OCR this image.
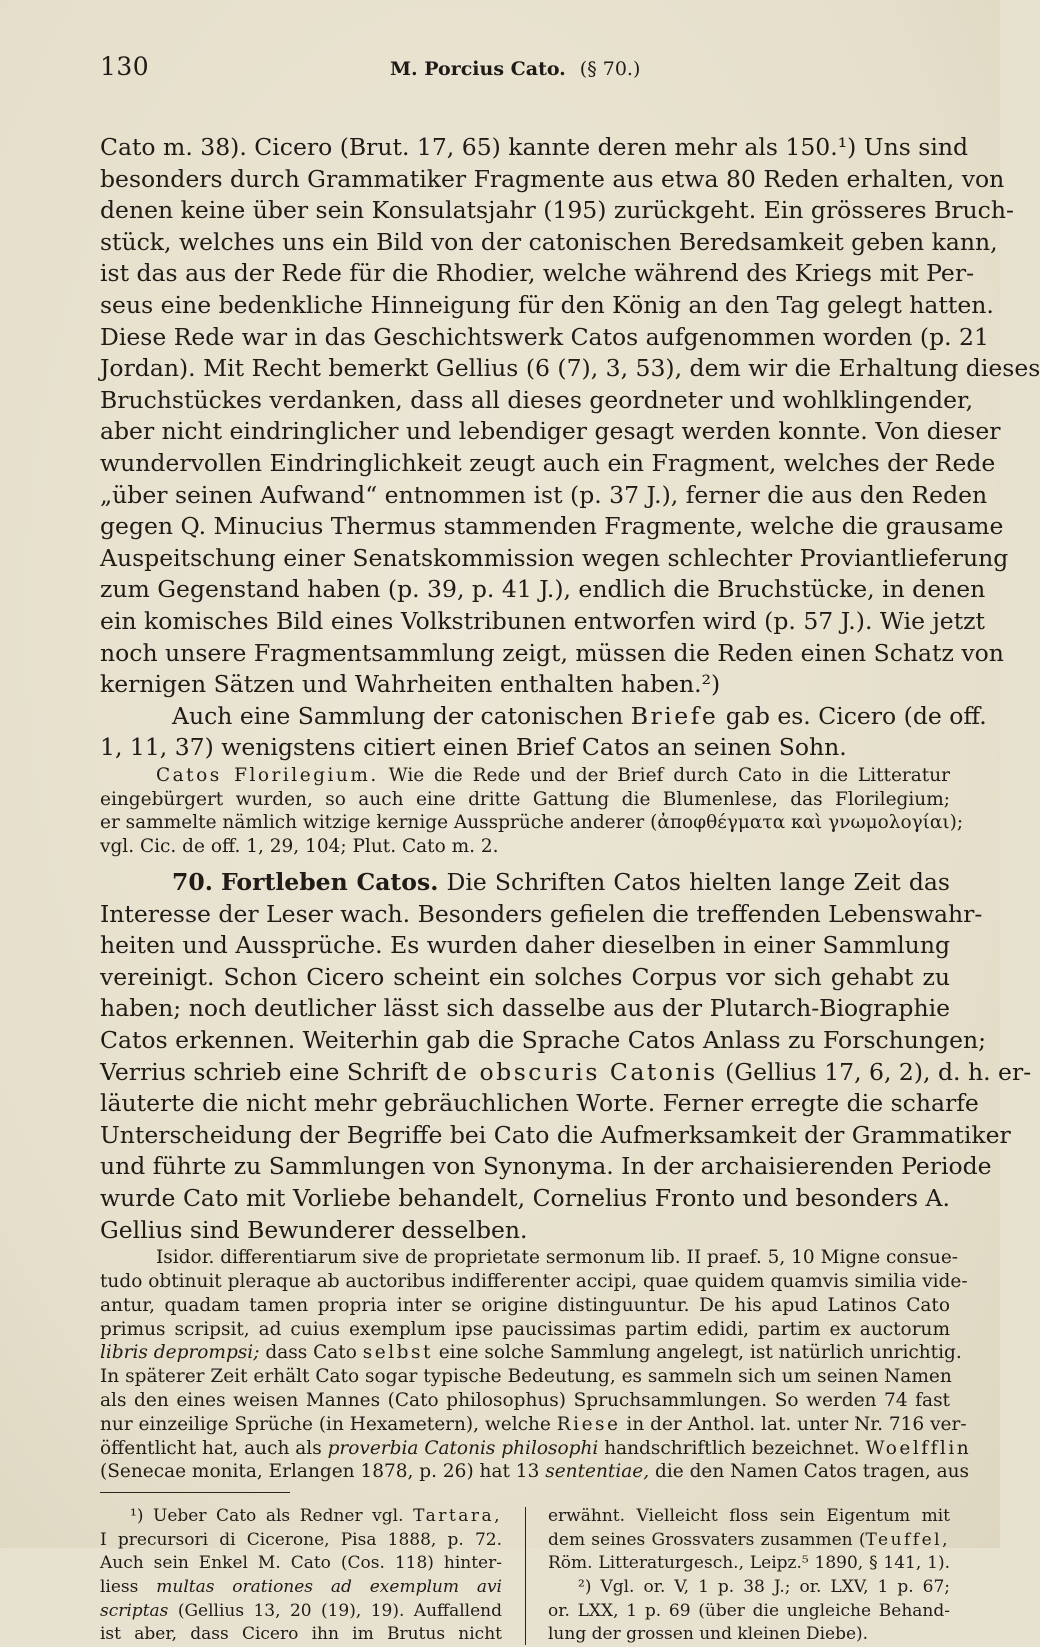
130	M. Porcius Cato. (§ 70.)

Cato m. 38). Cicero (Brut. 17, 65) kannte deren mehr als 150.¹) Uns sind

besonders durch Grammatiker Fragmente aus etwa 80 Reden erhalten, von

denen keine über sein Konsulatsjahr (195) zurückgeht. Ein grösseres Bruch-

stück, welches uns ein Bild von der catonischen Beredsamkeit geben kann,

ist das aus der Rede für die Rhodier, welche während des Kriegs mit Per-

seus eine bedenkliche Hinneigung für den König an den Tag gelegt hatten.

Diese Rede war in das Geschichtswerk Catos aufgenommen worden (p. 21

Jordan). Mit Recht bemerkt Gellius (6 (7), 3, 53), dem wir die Erhaltung dieses

Bruchstückes verdanken, dass all dieses geordneter und wohlklingender,

aber nicht eindringlicher und lebendiger gesagt werden konnte. Von dieser

wundervollen Eindringlichkeit zeugt auch ein Fragment, welches der Rede

„über seinen Aufwand“ entnommen ist (p. 37 J.), ferner die aus den Reden

gegen Q. Minucius Thermus stammenden Fragmente, welche die grausame

Auspeitschung einer Senatskommission wegen schlechter Proviantlieferung

zum Gegenstand haben (p. 39, p. 41 J.), endlich die Bruchstücke, in denen

ein komisches Bild eines Volkstribunen entworfen wird (p. 57 J.). Wie jetzt

noch unsere Fragmentsammlung zeigt, müssen die Reden einen Schatz von

kernigen Sätzen und Wahrheiten enthalten haben.²)

Auch eine Sammlung der catonischen Briefe gab es. Cicero (de off.

1, 11, 37) wenigstens citiert einen Brief Catos an seinen Sohn.

Catos Florilegium. Wie die Rede und der Brief durch Cato in die Litteratur

eingebürgert wurden, so auch eine dritte Gattung die Blumenlese, das Florilegium;

er sammelte nämlich witzige kernige Aussprüche anderer (ἀποφθέγματα καὶ γνωμολογίαι);

vgl. Cic. de off. 1, 29, 104; Plut. Cato m. 2.

70. Fortleben Catos. Die Schriften Catos hielten lange Zeit das

Interesse der Leser wach. Besonders gefielen die treffenden Lebenswahr-

heiten und Aussprüche. Es wurden daher dieselben in einer Sammlung

vereinigt. Schon Cicero scheint ein solches Corpus vor sich gehabt zu

haben; noch deutlicher lässt sich dasselbe aus der Plutarch-Biographie

Catos erkennen. Weiterhin gab die Sprache Catos Anlass zu Forschungen;

Verrius schrieb eine Schrift de obscuris Catonis (Gellius 17, 6, 2), d. h. er-

läuterte die nicht mehr gebräuchlichen Worte. Ferner erregte die scharfe

Unterscheidung der Begriffe bei Cato die Aufmerksamkeit der Grammatiker

und führte zu Sammlungen von Synonyma. In der archaisierenden Periode

wurde Cato mit Vorliebe behandelt, Cornelius Fronto und besonders A.

Gellius sind Bewunderer desselben.

Isidor. differentiarum sive de proprietate sermonum lib. II praef. 5, 10 Migne consue-

tudo obtinuit pleraque ab auctoribus indifferenter accipi, quae quidem quamvis similia vide-

antur, quadam tamen propria inter se origine distinguuntur. De his apud Latinos Cato

primus scripsit, ad cuius exemplum ipse paucissimas partim edidi, partim ex auctorum

libris deprompsi; dass Cato selbst eine solche Sammlung angelegt, ist natürlich unrichtig.

In späterer Zeit erhält Cato sogar typische Bedeutung, es sammeln sich um seinen Namen

als den eines weisen Mannes (Cato philosophus) Spruchsammlungen. So werden 74 fast

nur einzeilige Sprüche (in Hexametern), welche Riese in der Anthol. lat. unter Nr. 716 ver-

öffentlicht hat, auch als proverbia Catonis philosophi handschriftlich bezeichnet. Woelfflin

(Senecae monita, Erlangen 1878, p. 26) hat 13 sententiae, die den Namen Catos tragen, aus

¹) Ueber Cato als Redner vgl. Tartara,

I precursori di Cicerone, Pisa 1888, p. 72.

Auch sein Enkel M. Cato (Cos. 118) hinter-

liess multas orationes ad exemplum avi

scriptas (Gellius 13, 20 (19), 19). Auffallend

ist aber, dass Cicero ihn im Brutus nicht

erwähnt. Vielleicht floss sein Eigentum mit

dem seines Grossvaters zusammen (Teuffel,

Röm. Litteraturgesch., Leipz.⁵ 1890, § 141, 1).

²) Vgl. or. V, 1 p. 38 J.; or. LXV, 1 p. 67;

or. LXX, 1 p. 69 (über die ungleiche Behand-

lung der grossen und kleinen Diebe).
